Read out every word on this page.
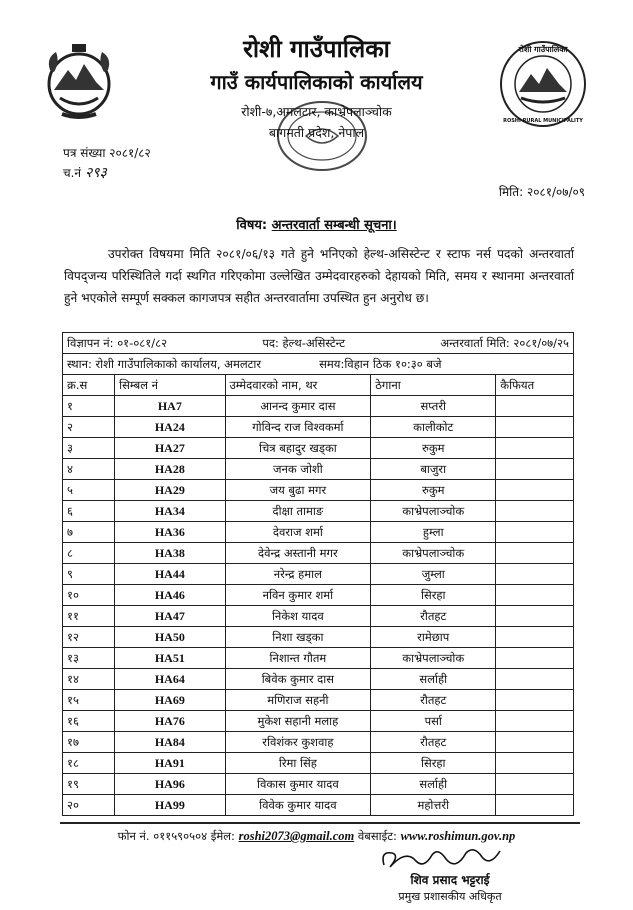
रोशी गाउँपालिका
ROSHI RURAL MUNICIPALITY
रोशी गाउँपालिका
गाउँ कार्यपालिकाको कार्यालय
रोशी-७,अमलटार, काभ्रेपलाञ्चोक
बागमती प्रदेश, नेपाल
पत्र संख्या २०८१/८२
च.नं २९३
मिति: २०८१/०७/०९
विषय: अन्तरवार्ता सम्बन्धी सूचना।
उपरोक्त विषयमा मिति २०८१/०६/१३ गते हुने भनिएको हेल्थ-असिस्टेन्ट र स्टाफ नर्स पदको अन्तरवार्ता विपद्जन्य परिस्थितिले गर्दा स्थगित गरिएकोमा उल्लेखित उम्मेदवारहरुको देहायको मिति, समय र स्थानमा अन्तरवार्ता हुने भएकोले सम्पूर्ण सक्कल कागजपत्र सहीत अन्तरवार्तामा उपस्थित हुन अनुरोध छ।
विज्ञापन नं: ०१-०८१/८२ पद: हेल्थ-असिस्टेन्ट अन्तरवार्ता मिति: २०८१/०७/२५				

स्थान: रोशी गाउँपालिकाको कार्यालय, अमलटार समय:विहान ठिक १०:३० बजे				

क्र.स	सिम्बल नं	उम्मेदवारको नाम, थर	ठेगाना	कैफियत
१	HA7	आनन्द कुमार दास	सप्तरी	
२	HA24	गोविन्द राज विश्वकर्मा	कालीकोट	
३	HA27	चित्र बहादुर खड्का	रुकुम	
४	HA28	जनक जोशी	बाजुरा	
५	HA29	जय बुढा मगर	रुकुम	
६	HA34	दीक्षा तामाङ	काभ्रेपलाञ्चोक	
७	HA36	देवराज शर्मा	हुम्ला	
८	HA38	देवेन्द्र अस्तानी मगर	काभ्रेपलाञ्चोक	
९	HA44	नरेन्द्र हमाल	जुम्ला	
१०	HA46	नविन कुमार शर्मा	सिरहा	
११	HA47	निकेश यादव	रौतहट	
१२	HA50	निशा खड्का	रामेछाप	
१३	HA51	निशान्त गौतम	काभ्रेपलाञ्चोक	
१४	HA64	बिवेक कुमार दास	सर्लाही	
१५	HA69	मणिराज सहनी	रौतहट	
१६	HA76	मुकेश सहानी मलाह	पर्सा	
१७	HA84	रविशंकर कुशवाह	रौतहट	
१८	HA91	रिमा सिंह	सिरहा	
१९	HA96	विकास कुमार यादव	सर्लाही	
२०	HA99	विवेक कुमार यादव	महोत्तरी	
फोन नं. ०११५९०५०४ ईमेल: roshi2073@gmail.com वेबसाईट: www.roshimun.gov.np
शिव प्रसाद भट्टराई
प्रमुख प्रशासकीय अधिकृत
